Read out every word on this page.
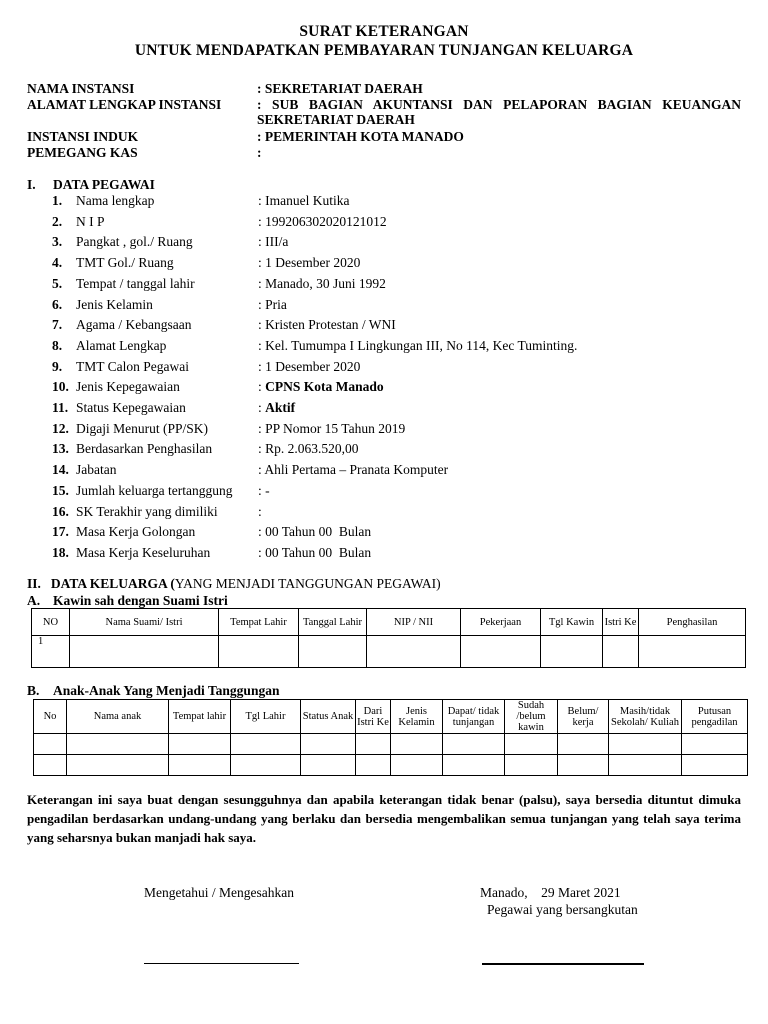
SURAT KETERANGAN
UNTUK MENDAPATKAN PEMBAYARAN TUNJANGAN KELUARGA
NAMA INSTANSI	: SEKRETARIAT DAERAH
ALAMAT LENGKAP INSTANSI	: SUB BAGIAN AKUNTANSI DAN PELAPORAN BAGIAN KEUANGAN
SEKRETARIAT DAERAH
INSTANSI INDUK	: PEMERINTAH KOTA MANADO
PEMEGANG KAS	:
I. DATA PEGAWAI
1.	Nama lengkap	: Imanuel Kutika
2.	N I P	: 199206302020121012
3.	Pangkat , gol./ Ruang	: III/a
4.	TMT Gol./ Ruang	: 1 Desember 2020
5.	Tempat / tanggal lahir	: Manado, 30 Juni 1992
6.	Jenis Kelamin	: Pria
7.	Agama / Kebangsaan	: Kristen Protestan / WNI
8.	Alamat Lengkap	: Kel. Tumumpa I Lingkungan III, No 114, Kec Tuminting.
9.	TMT Calon Pegawai	: 1 Desember 2020
10. Jenis Kepegawaian	: CPNS Kota Manado
11. Status Kepegawaian	: Aktif
12. Digaji Menurut (PP/SK)	: PP Nomor 15 Tahun 2019
13. Berdasarkan Penghasilan	: Rp. 2.063.520,00
14. Jabatan	: Ahli Pertama – Pranata Komputer
15. Jumlah keluarga tertanggung : -
16. SK Terakhir yang dimiliki	:
17. Masa Kerja Golongan	: 00 Tahun 00  Bulan
18. Masa Kerja Keseluruhan	: 00 Tahun 00  Bulan
II. DATA KELUARGA (YANG MENJADI TANGGUNGAN PEGAWAI)
A. Kawin sah dengan Suami Istri
NO	Nama Suami/ Istri	Tempat Lahir	Tanggal Lahir	NIP / NII	Pekerjaan	Tgl Kawin	Istri Ke	Penghasilan
1								
B. Anak-Anak Yang Menjadi Tanggungan
No	Nama anak	Tempat lahir	Tgl Lahir	Status Anak	Dari Istri Ke	Jenis Kelamin	Dapat/ tidak tunjangan	Sudah /belum kawin	Belum/ kerja	Masih/tidak Sekolah/ Kuliah	Putusan pengadilan

Keterangan ini saya buat dengan sesungguhnya dan apabila keterangan tidak benar (palsu), saya bersedia dituntut dimuka pengadilan berdasarkan undang-undang yang berlaku dan bersedia mengembalikan semua tunjangan yang telah saya terima yang seharsnya bukan manjadi hak saya.
Mengetahui / Mengesahkan	Manado,    29 Maret 2021
Pegawai yang bersangkutan
